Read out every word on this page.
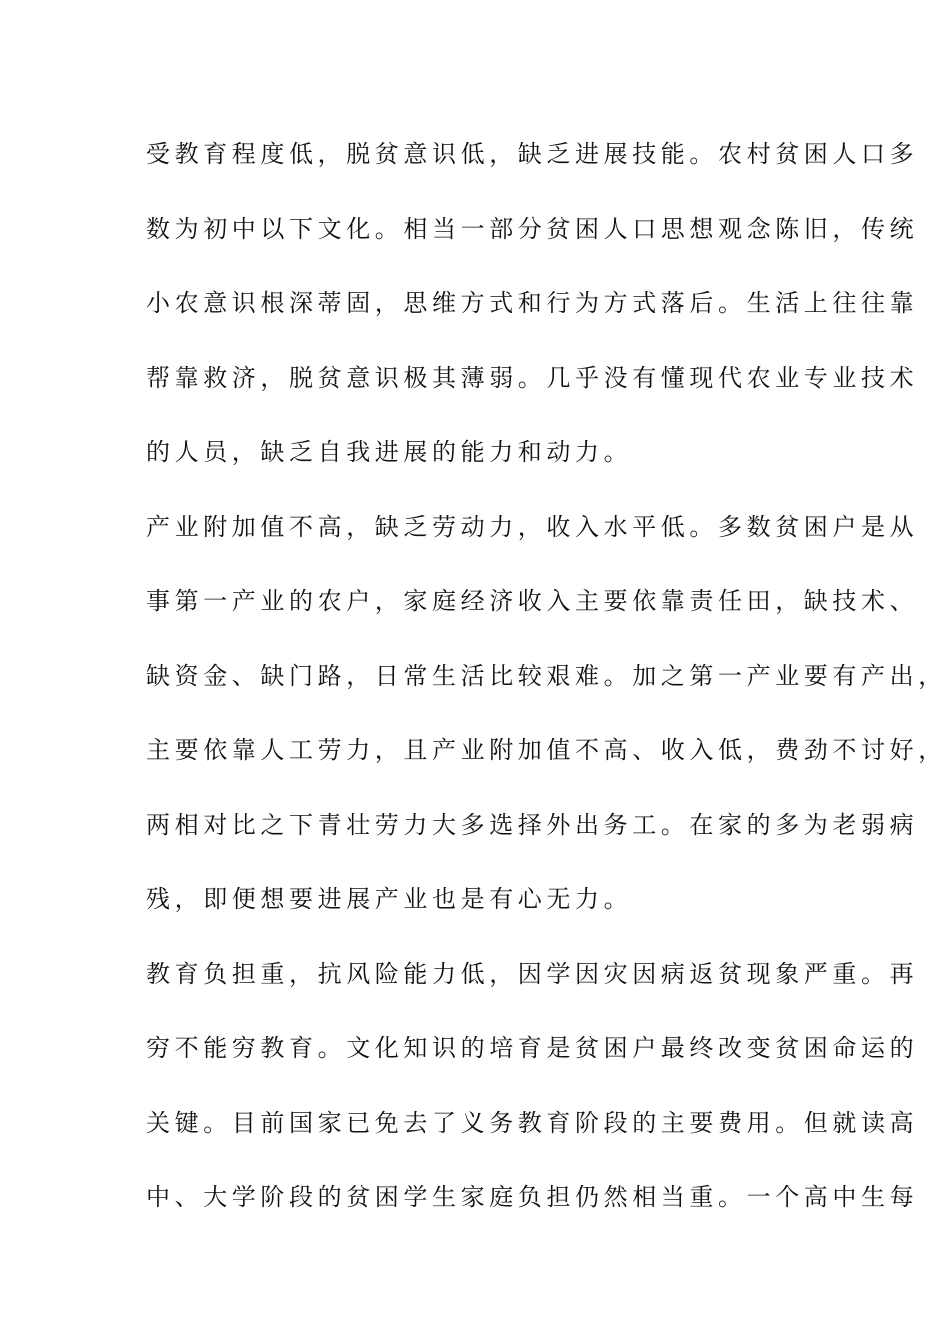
受教育程度低，脱贫意识低，缺乏进展技能。农村贫困人口多
数为初中以下文化。相当一部分贫困人口思想观念陈旧，传统
小农意识根深蒂固，思维方式和行为方式落后。生活上往往靠
帮靠救济，脱贫意识极其薄弱。几乎没有懂现代农业专业技术
的人员，缺乏自我进展的能力和动力。
产业附加值不高，缺乏劳动力，收入水平低。多数贫困户是从
事第一产业的农户，家庭经济收入主要依靠责任田，缺技术、
缺资金、缺门路，日常生活比较艰难。加之第一产业要有产出，
主要依靠人工劳力，且产业附加值不高、收入低，费劲不讨好，
两相对比之下青壮劳力大多选择外出务工。在家的多为老弱病
残，即便想要进展产业也是有心无力。
教育负担重，抗风险能力低，因学因灾因病返贫现象严重。再
穷不能穷教育。文化知识的培育是贫困户最终改变贫困命运的
关键。目前国家已免去了义务教育阶段的主要费用。但就读高
中、大学阶段的贫困学生家庭负担仍然相当重。一个高中生每
